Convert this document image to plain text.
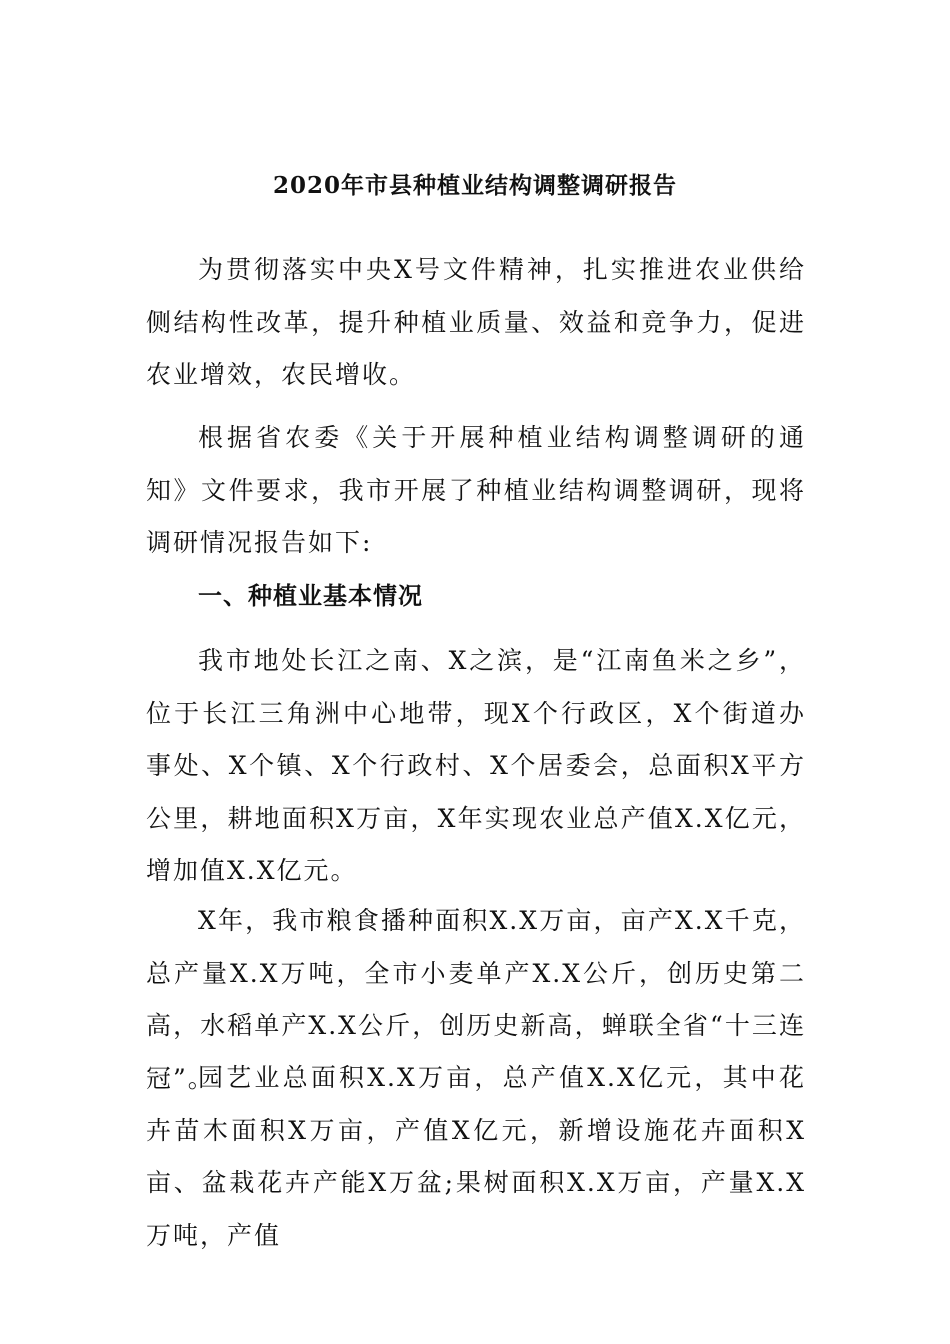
2020年市县种植业结构调整调研报告

为贯彻落实中央X号文件精神，扎实推进农业供给侧结构性改革，提升种植业质量、效益和竞争力，促进农业增效，农民增收。

根据省农委《关于开展种植业结构调整调研的通知》文件要求，我市开展了种植业结构调整调研，现将调研情况报告如下:

一、种植业基本情况

我市地处长江之南、X之滨，是“江南鱼米之乡”，位于长江三角洲中心地带，现X个行政区，X个街道办事处、X个镇、X个行政村、X个居委会，总面积X平方公里，耕地面积X万亩，X年实现农业总产值X.X亿元，增加值X.X亿元。

X年，我市粮食播种面积X.X万亩，亩产X.X千克，总产量X.X万吨，全市小麦单产X.X公斤，创历史第二高，水稻单产X.X公斤，创历史新高，蝉联全省“十三连冠”。

园艺业总面积X.X万亩，总产值X.X亿元，其中花卉苗木面积X万亩，产值X亿元，新增设施花卉面积X亩、盆栽花卉产能X万盆;果树面积X.X万亩，产量X.X万吨，产值
